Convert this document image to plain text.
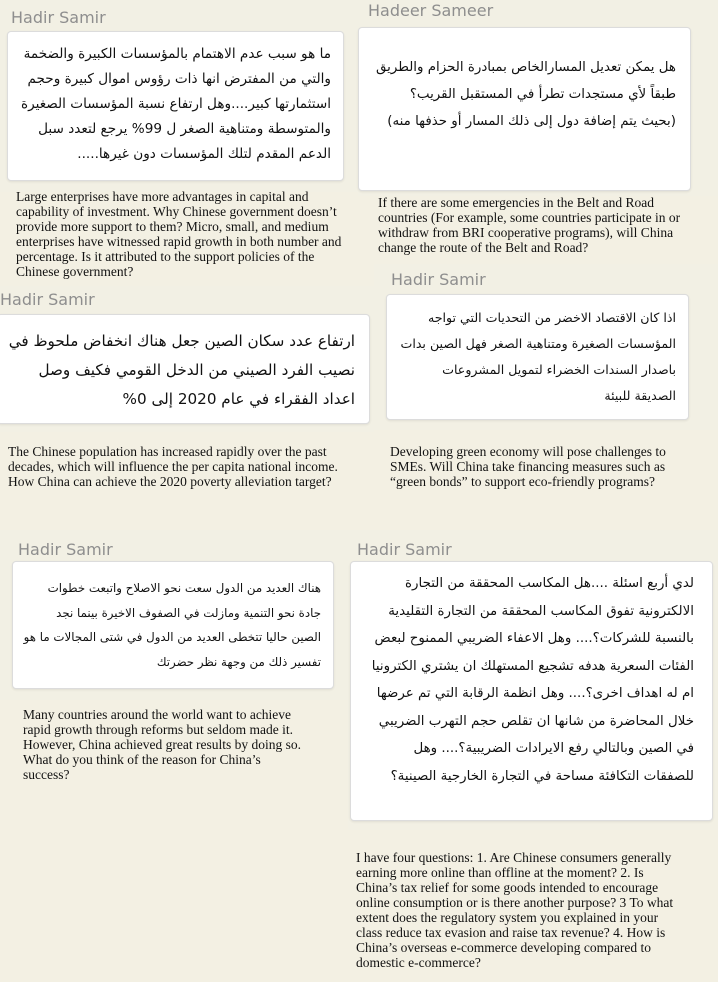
Hadir Samir

ما هو سبب عدم الاهتمام بالمؤسسات الكبيرة والضخمة والتي من المفترض انها ذات رؤوس اموال كبيرة وحجم استثمارتها كبير....وهل ارتفاع نسبة المؤسسات الصغيرة والمتوسطة ومتناهية الصغر ل 99% يرجع لتعدد سبل الدعم المقدم لتلك المؤسسات دون غيرها.....

Large enterprises have more advantages in capital and capability of investment. Why Chinese government doesn’t provide more support to them? Micro, small, and medium enterprises have witnessed rapid growth in both number and percentage. Is it attributed to the support policies of the Chinese government?

Hadeer Sameer

هل يمكن تعديل المسارالخاص بمبادرة الحزام والطريق طبقاً لأي مستجدات تطرأ في المستقبل القريب؟ (بحيث يتم إضافة دول إلى ذلك المسار أو حذفها منه)

If there are some emergencies in the Belt and Road countries (For example, some countries participate in or withdraw from BRI cooperative programs), will China change the route of the Belt and Road?

Hadir Samir

ارتفاع عدد سكان الصين جعل هناك انخفاض ملحوظ في نصيب الفرد الصيني من الدخل القومي فكيف وصل اعداد الفقراء في عام 2020 إلى 0%

The Chinese population has increased rapidly over the past decades, which will influence the per capita national income. How China can achieve the 2020 poverty alleviation target?

Hadir Samir

اذا كان الاقتصاد الاخضر من التحديات التي تواجه المؤسسات الصغيرة ومتناهية الصغر فهل الصين بدات باصدار السندات الخضراء لتمويل المشروعات الصديقة للبيئة

Developing green economy will pose challenges to SMEs. Will China take financing measures such as “green bonds” to support eco-friendly programs?

Hadir Samir

هناك العديد من الدول سعت نحو الاصلاح واتبعت خطوات جادة نحو التنمية ومازلت في الصفوف الاخيرة بينما نجد الصين حاليا تتخطى العديد من الدول في شتى المجالات ما هو تفسير ذلك من وجهة نظر حضرتك

Many countries around the world want to achieve rapid growth through reforms but seldom made it. However, China achieved great results by doing so. What do you think of the reason for China’s success?

Hadir Samir

لدي أربع اسئلة ....هل المكاسب المحققة من التجارة الالكترونية تفوق المكاسب المحققة من التجارة التقليدية بالنسبة للشركات؟.... وهل الاعفاء الضريبي الممنوح لبعض الفئات السعرية هدفه تشجيع المستهلك ان يشتري الكترونيا ام له اهداف اخرى؟.... وهل انظمة الرقابة التي تم عرضها خلال المحاضرة من شانها ان تقلص حجم التهرب الضريبي في الصين وبالتالي رفع الايرادات الضريبية؟.... وهل للصفقات التكافئة مساحة في التجارة الخارجية الصينية؟

I have four questions: 1. Are Chinese consumers generally earning more online than offline at the moment? 2. Is China’s tax relief for some goods intended to encourage online consumption or is there another purpose? 3 To what extent does the regulatory system you explained in your class reduce tax evasion and raise tax revenue? 4. How is China’s overseas e-commerce developing compared to domestic e-commerce?
